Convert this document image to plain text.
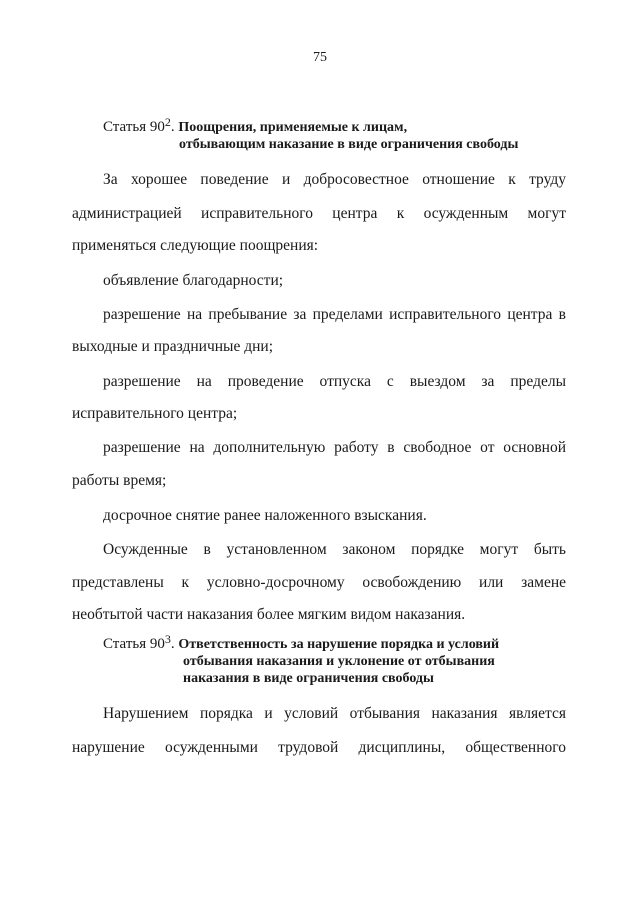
75
Статья $90^2$. Поощрения, применяемые к лицам,
отбывающим наказание в виде ограничения свободы
За хорошее поведение и добросовестное отношение к труду
администрацией исправительного центра к осужденным могут
применяться следующие поощрения:
объявление благодарности;
разрешение на пребывание за пределами исправительного центра в
выходные и праздничные дни;
разрешение на проведение отпуска с выездом за пределы
исправительного центра;
разрешение на дополнительную работу в свободное от основной
работы время;
досрочное снятие ранее наложенного взыскания.
Осужденные в установленном законом порядке могут быть
представлены к условно-досрочному освобождению или замене
необтытой части наказания более мягким видом наказания.
Статья $90^3$. Ответственность за нарушение порядка и условий
отбывания наказания и уклонение от отбывания
наказания в виде ограничения свободы
Нарушением порядка и условий отбывания наказания является
нарушение осужденными трудовой дисциплины, общественного
